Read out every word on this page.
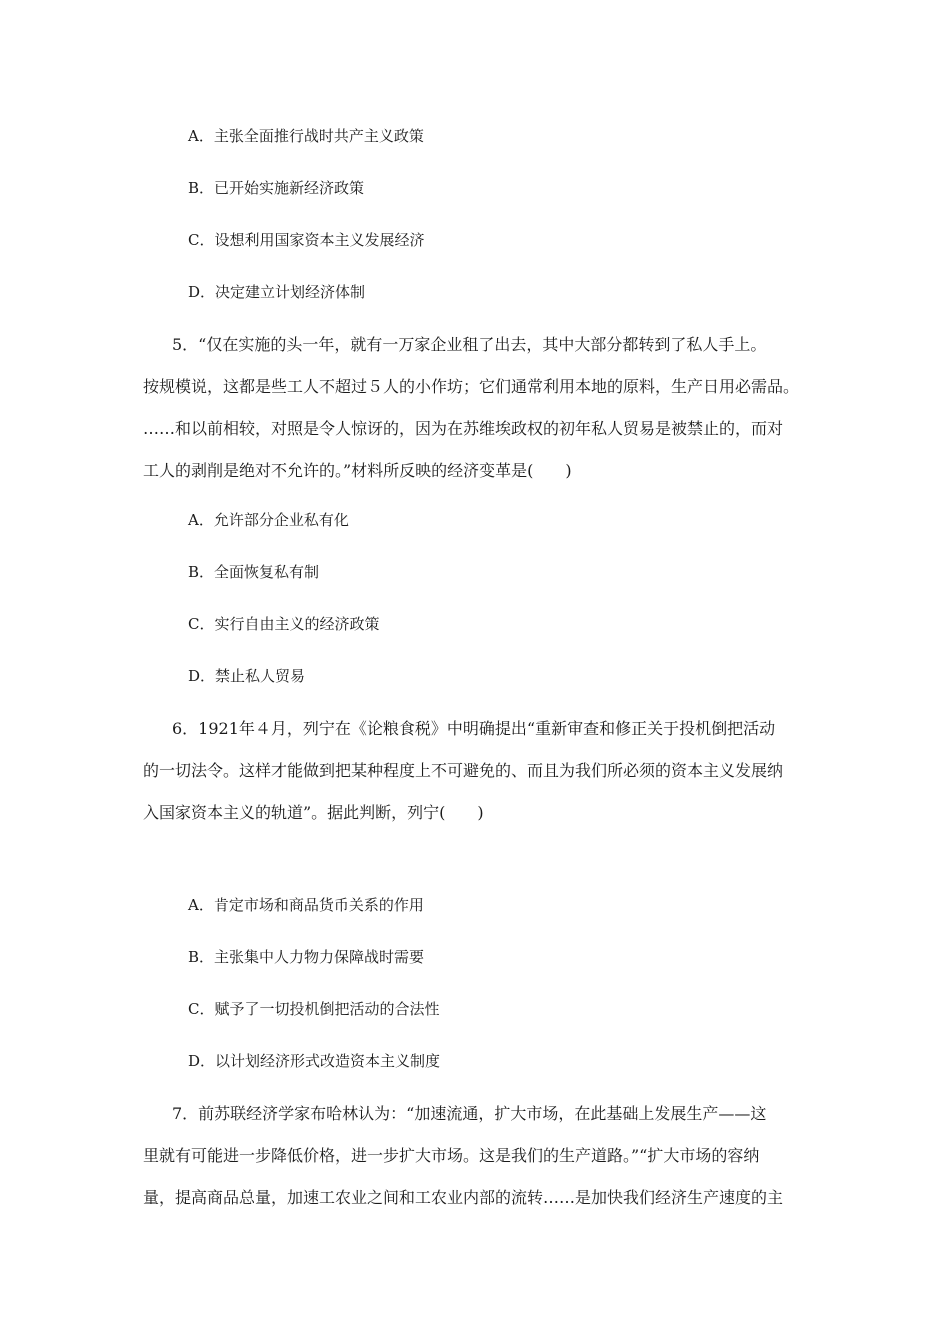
A．主张全面推行战时共产主义政策
B．已开始实施新经济政策
C．设想利用国家资本主义发展经济
D．决定建立计划经济体制
5．“仅在实施的头一年，就有一万家企业租了出去，其中大部分都转到了私人手上。
按规模说，这都是些工人不超过５人的小作坊；它们通常利用本地的原料，生产日用必需品。
……和以前相较，对照是令人惊讶的，因为在苏维埃政权的初年私人贸易是被禁止的，而对
工人的剥削是绝对不允许的。”材料所反映的经济变革是(　　)
A．允许部分企业私有化
B．全面恢复私有制
C．实行自由主义的经济政策
D．禁止私人贸易
6．1921年４月，列宁在《论粮食税》中明确提出“重新审查和修正关于投机倒把活动
的一切法令。这样才能做到把某种程度上不可避免的、而且为我们所必须的资本主义发展纳
入国家资本主义的轨道”。据此判断，列宁(　　)
A．肯定市场和商品货币关系的作用
B．主张集中人力物力保障战时需要
C．赋予了一切投机倒把活动的合法性
D．以计划经济形式改造资本主义制度
7．前苏联经济学家布哈林认为：“加速流通，扩大市场，在此基础上发展生产——这
里就有可能进一步降低价格，进一步扩大市场。这是我们的生产道路。”“扩大市场的容纳
量，提高商品总量，加速工农业之间和工农业内部的流转……是加快我们经济生产速度的主
